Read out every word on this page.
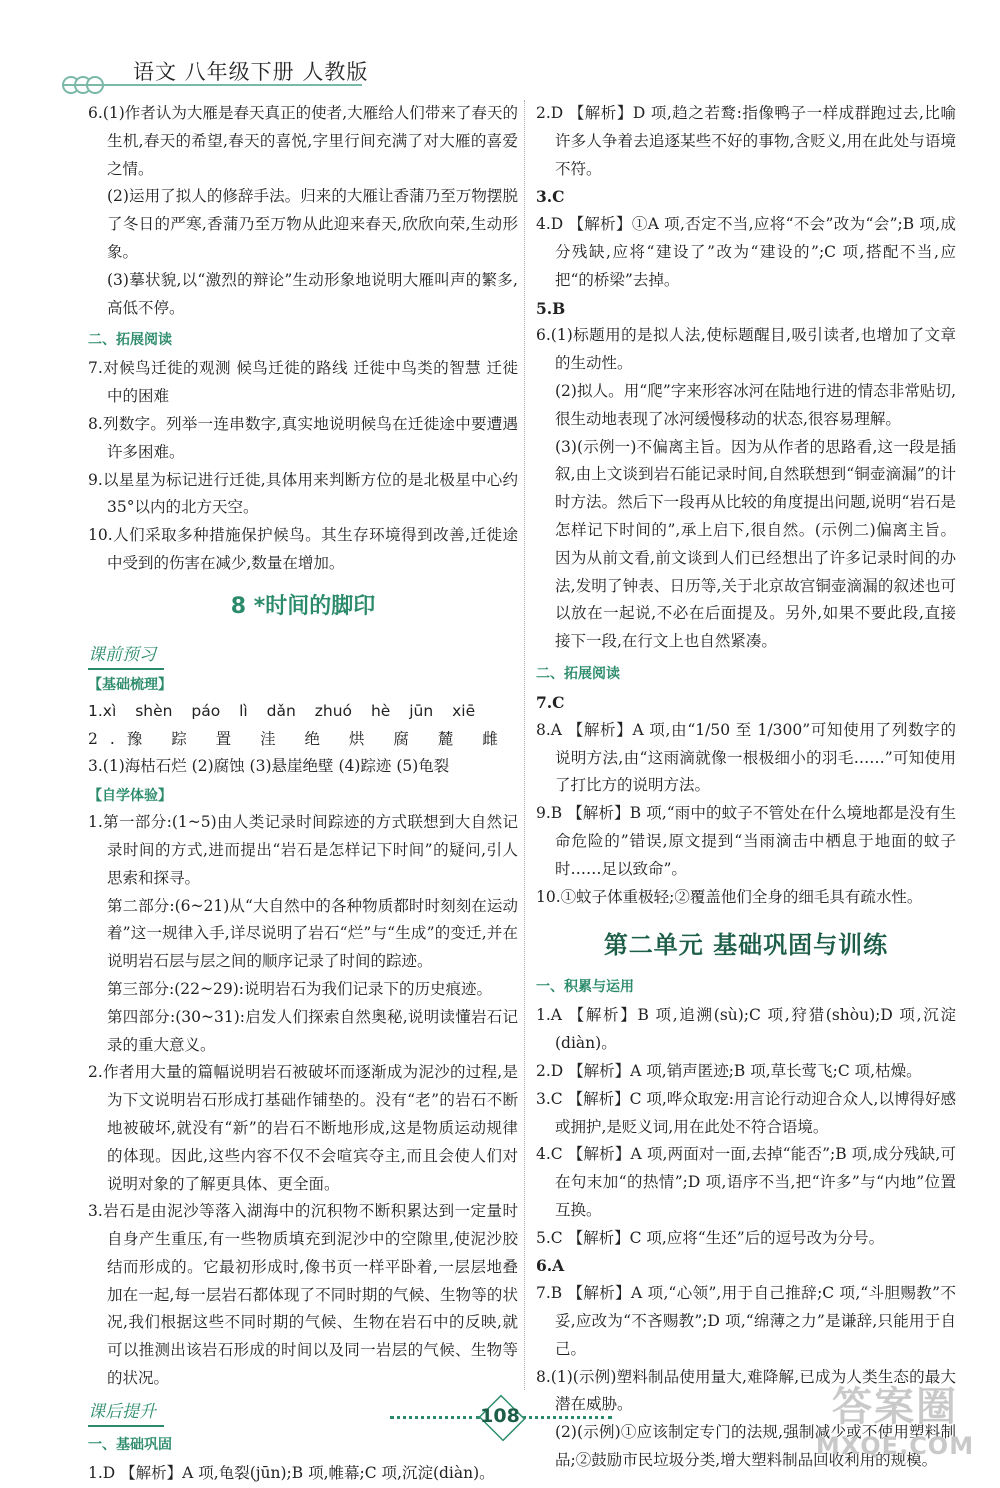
语文 八年级下册 人教版

6.(1)作者认为大雁是春天真正的使者,大雁给人们带来了春天的生机,春天的希望,春天的喜悦,字里行间充满了对大雁的喜爱之情。

(2)运用了拟人的修辞手法。归来的大雁让香蒲乃至万物摆脱了冬日的严寒,香蒲乃至万物从此迎来春天,欣欣向荣,生动形象。

(3)摹状貌,以“激烈的辩论”生动形象地说明大雁叫声的繁多,高低不停。

二、拓展阅读

7.对候鸟迁徙的观测 候鸟迁徙的路线 迁徙中鸟类的智慧 迁徙中的困难

8.列数字。列举一连串数字,真实地说明候鸟在迁徙途中要遭遇许多困难。

9.以星星为标记进行迁徙,具体用来判断方位的是北极星中心约 35°以内的北方天空。

10.人们采取多种措施保护候鸟。其生存环境得到改善,迁徙途中受到的伤害在减少,数量在增加。

8 *时间的脚印
课前预习
【基础梳理】

1.xì shèn páo lì dǎn zhuó hè jūn xiē

2.豫 踪 置 洼 绝 烘 腐 麓 雌

3.(1)海枯石烂 (2)腐蚀 (3)悬崖绝壁 (4)踪迹 (5)龟裂

【自学体验】

1.第一部分:(1~5)由人类记录时间踪迹的方式联想到大自然记录时间的方式,进而提出“岩石是怎样记下时间”的疑问,引人思索和探寻。

第二部分:(6~21)从“大自然中的各种物质都时时刻刻在运动着”这一规律入手,详尽说明了岩石“烂”与“生成”的变迁,并在说明岩石层与层之间的顺序记录了时间的踪迹。

第三部分:(22~29):说明岩石为我们记录下的历史痕迹。

第四部分:(30~31):启发人们探索自然奥秘,说明读懂岩石记录的重大意义。

2.作者用大量的篇幅说明岩石被破坏而逐渐成为泥沙的过程,是为下文说明岩石形成打基础作铺垫的。没有“老”的岩石不断地被破坏,就没有“新”的岩石不断地形成,这是物质运动规律的体现。因此,这些内容不仅不会喧宾夺主,而且会使人们对说明对象的了解更具体、更全面。

3.岩石是由泥沙等落入湖海中的沉积物不断积累达到一定量时自身产生重压,有一些物质填充到泥沙中的空隙里,使泥沙胶结而形成的。它最初形成时,像书页一样平卧着,一层层地叠加在一起,每一层岩石都体现了不同时期的气候、生物等的状况,我们根据这些不同时期的气候、生物在岩石中的反映,就可以推测出该岩石形成的时间以及同一岩层的气候、生物等的状况。

课后提升
一、基础巩固

1.D 【解析】A 项,龟裂(jūn);B 项,帷幕;C 项,沉淀(diàn)。

2.D 【解析】D 项,趋之若鹜:指像鸭子一样成群跑过去,比喻许多人争着去追逐某些不好的事物,含贬义,用在此处与语境不符。

3.C

4.D 【解析】①A 项,否定不当,应将“不会”改为“会”;B 项,成分残缺,应将“建设了”改为“建设的”;C 项,搭配不当,应把“的桥梁”去掉。

5.B

6.(1)标题用的是拟人法,使标题醒目,吸引读者,也增加了文章的生动性。

(2)拟人。用“爬”字来形容冰河在陆地行进的情态非常贴切,很生动地表现了冰河缓慢移动的状态,很容易理解。

(3)(示例一)不偏离主旨。因为从作者的思路看,这一段是插叙,由上文谈到岩石能记录时间,自然联想到“铜壶滴漏”的计时方法。然后下一段再从比较的角度提出问题,说明“岩石是怎样记下时间的”,承上启下,很自然。(示例二)偏离主旨。因为从前文看,前文谈到人们已经想出了许多记录时间的办法,发明了钟表、日历等,关于北京故宫铜壶滴漏的叙述也可以放在一起说,不必在后面提及。另外,如果不要此段,直接接下一段,在行文上也自然紧凑。

二、拓展阅读

7.C

8.A 【解析】A 项,由“1/50 至 1/300”可知使用了列数字的说明方法,由“这雨滴就像一根极细小的羽毛……”可知使用了打比方的说明方法。

9.B 【解析】B 项,“雨中的蚊子不管处在什么境地都是没有生命危险的”错误,原文提到“当雨滴击中栖息于地面的蚊子时……足以致命”。

10.①蚊子体重极轻;②覆盖他们全身的细毛具有疏水性。

第二单元 基础巩固与训练
一、积累与运用

1.A 【解析】B 项,追溯(sù);C 项,狩猎(shòu);D 项,沉淀(diàn)。

2.D 【解析】A 项,销声匿迹;B 项,草长莺飞;C 项,枯燥。

3.C 【解析】C 项,哗众取宠:用言论行动迎合众人,以博得好感或拥护,是贬义词,用在此处不符合语境。

4.C 【解析】A 项,两面对一面,去掉“能否”;B 项,成分残缺,可在句末加“的热情”;D 项,语序不当,把“许多”与“内地”位置互换。

5.C 【解析】C 项,应将“生还”后的逗号改为分号。

6.A

7.B 【解析】A 项,“心领”,用于自己推辞;C 项,“斗胆赐教”不妥,应改为“不吝赐教”;D 项,“绵薄之力”是谦辞,只能用于自己。

8.(1)(示例)塑料制品使用量大,难降解,已成为人类生态的最大潜在威胁。

(2)(示例)①应该制定专门的法规,强制减少或不使用塑料制品;②鼓励市民垃圾分类,增大塑料制品回收利用的规模。

108	答案圈
MXQE.COM
